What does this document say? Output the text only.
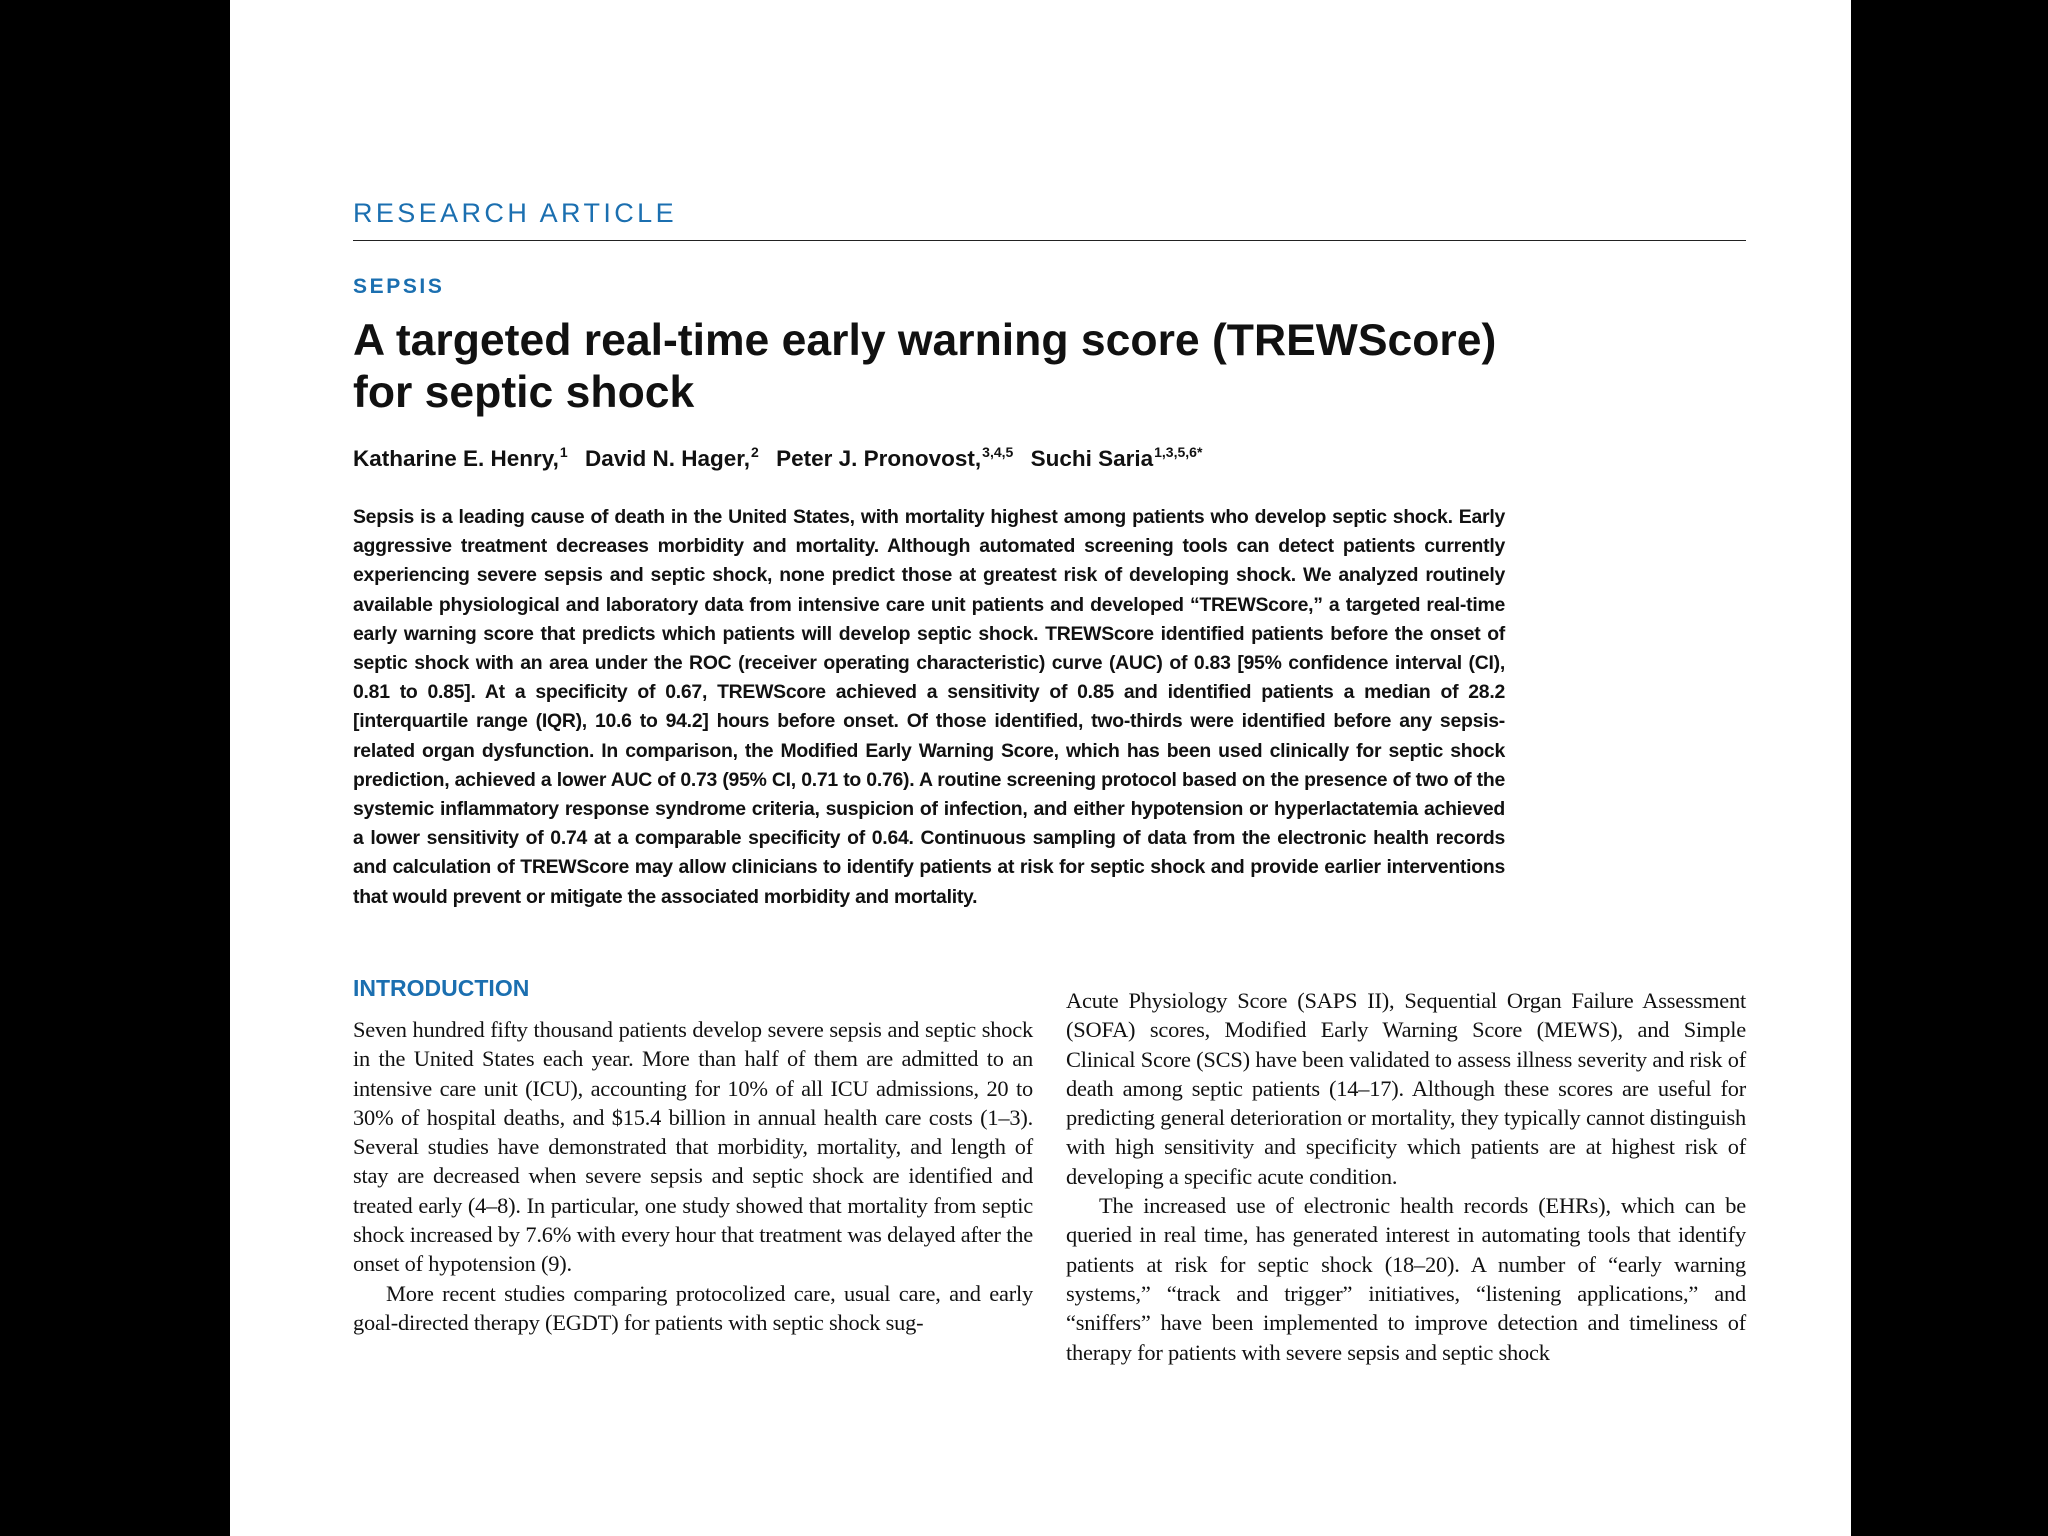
RESEARCH ARTICLE
SEPSIS
A targeted real-time early warning score (TREWScore)
for septic shock
Katharine E. Henry,$^1$ David N. Hager,$^2$ Peter J. Pronovost,$^{3,4,5}$ Suchi Saria$^{1,3,5,6*}$
Sepsis is a leading cause of death in the United States, with mortality highest among patients who develop septic shock. Early aggressive treatment decreases morbidity and mortality. Although automated screening tools can detect patients currently experiencing severe sepsis and septic shock, none predict those at greatest risk of developing shock. We analyzed routinely available physiological and laboratory data from intensive care unit patients and developed “TREWScore,” a targeted real-time early warning score that predicts which patients will develop septic shock. TREWScore identified patients before the onset of septic shock with an area under the ROC (receiver operating characteristic) curve (AUC) of 0.83 [95% confidence interval (CI), 0.81 to 0.85]. At a specificity of 0.67, TREWScore achieved a sensitivity of 0.85 and identified patients a median of 28.2 [interquartile range (IQR), 10.6 to 94.2] hours before onset. Of those identified, two-thirds were identified before any sepsis-related organ dysfunction. In comparison, the Modified Early Warning Score, which has been used clinically for septic shock prediction, achieved a lower AUC of 0.73 (95% CI, 0.71 to 0.76). A routine screening protocol based on the presence of two of the systemic inflammatory response syndrome criteria, suspicion of infection, and either hypotension or hyperlactatemia achieved a lower sensitivity of 0.74 at a comparable specificity of 0.64. Continuous sampling of data from the electronic health records and calculation of TREWScore may allow clinicians to identify patients at risk for septic shock and provide earlier interventions that would prevent or mitigate the associated morbidity and mortality.
INTRODUCTION

Seven hundred fifty thousand patients develop severe sepsis and septic shock in the United States each year. More than half of them are admitted to an intensive care unit (ICU), accounting for 10% of all ICU admissions, 20 to 30% of hospital deaths, and $15.4 billion in annual health care costs (1–3). Several studies have demonstrated that morbidity, mortality, and length of stay are decreased when severe sepsis and septic shock are identified and treated early (4–8). In particular, one study showed that mortality from septic shock increased by 7.6% with every hour that treatment was delayed after the onset of hypotension (9).

More recent studies comparing protocolized care, usual care, and early goal-directed therapy (EGDT) for patients with septic shock sug-

Acute Physiology Score (SAPS II), Sequential Organ Failure Assessment (SOFA) scores, Modified Early Warning Score (MEWS), and Simple Clinical Score (SCS) have been validated to assess illness severity and risk of death among septic patients (14–17). Although these scores are useful for predicting general deterioration or mortality, they typically cannot distinguish with high sensitivity and specificity which patients are at highest risk of developing a specific acute condition.

The increased use of electronic health records (EHRs), which can be queried in real time, has generated interest in automating tools that identify patients at risk for septic shock (18–20). A number of “early warning systems,” “track and trigger” initiatives, “listening applications,” and “sniffers” have been implemented to improve detection and timeliness of therapy for patients with severe sepsis and septic shock
